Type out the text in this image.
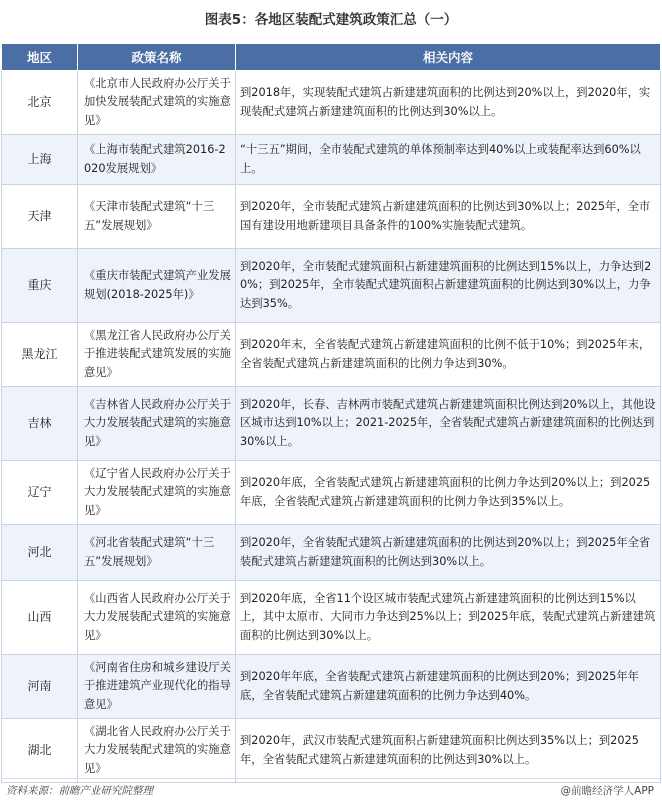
图表5：各地区装配式建筑政策汇总（一）
地区	政策名称	相关内容
北京	《北京市人民政府办公厅关于加快发展装配式建筑的实施意见》	到2018年，实现装配式建筑占新建建筑面积的比例达到20%以上，到2020年，实现装配式建筑占新建建筑面积的比例达到30%以上。
上海	《上海市装配式建筑2016-2020发展规划》	“十三五”期间，全市装配式建筑的单体预制率达到40%以上或装配率达到60%以上。
天津	《天津市装配式建筑“十三五”发展规划》	到2020年，全市装配式建筑占新建建筑面积的比例达到30%以上；2025年，全市国有建设用地新建项目具备条件的100%实施装配式建筑。
重庆	《重庆市装配式建筑产业发展规划(2018-2025年)》	到2020年，全市装配式建筑面积占新建建筑面积的比例达到15%以上，力争达到20%；到2025年，全市装配式建筑面积占新建建筑面积的比例达到30%以上，力争达到35%。
黑龙江	《黑龙江省人民政府办公厅关于推进装配式建筑发展的实施意见》	到2020年末，全省装配式建筑占新建建筑面积的比例不低于10%；到2025年末，全省装配式建筑占新建建筑面积的比例力争达到30%。
吉林	《吉林省人民政府办公厅关于大力发展装配式建筑的实施意见》	到2020年，长春、吉林两市装配式建筑占新建建筑面积比例达到20%以上，其他设区城市达到10%以上；2021-2025年，全省装配式建筑占新建建筑面积的比例达到30%以上。
辽宁	《辽宁省人民政府办公厅关于大力发展装配式建筑的实施意见》	到2020年底，全省装配式建筑占新建建筑面积的比例力争达到20%以上；到2025年底，全省装配式建筑占新建建筑面积的比例力争达到35%以上。
河北	《河北省装配式建筑“十三五”发展规划》	到2020年，全省装配式建筑占新建建筑面积的比例达到20%以上；到2025年全省装配式建筑占新建建筑面积的比例达到30%以上。
山西	《山西省人民政府办公厅关于大力发展装配式建筑的实施意见》	到2020年底，全省11个设区城市装配式建筑占新建建筑面积的比例达到15%以上，其中太原市、大同市力争达到25%以上；到2025年底，装配式建筑占新建建筑面积的比例达到30%以上。
河南	《河南省住房和城乡建设厅关于推进建筑产业现代化的指导意见》	到2020年年底，全省装配式建筑占新建建筑面积的比例达到20%；到2025年年底，全省装配式建筑占新建建筑面积的比例力争达到40%。
湖北	《湖北省人民政府办公厅关于大力发展装配式建筑的实施意见》	到2020年，武汉市装配式建筑面积占新建建筑面积比例达到35%以上；到2025年，全省装配式建筑占新建建筑面积的比例达到30%以上。
资料来源：前瞻产业研究院整理	@前瞻经济学人APP
